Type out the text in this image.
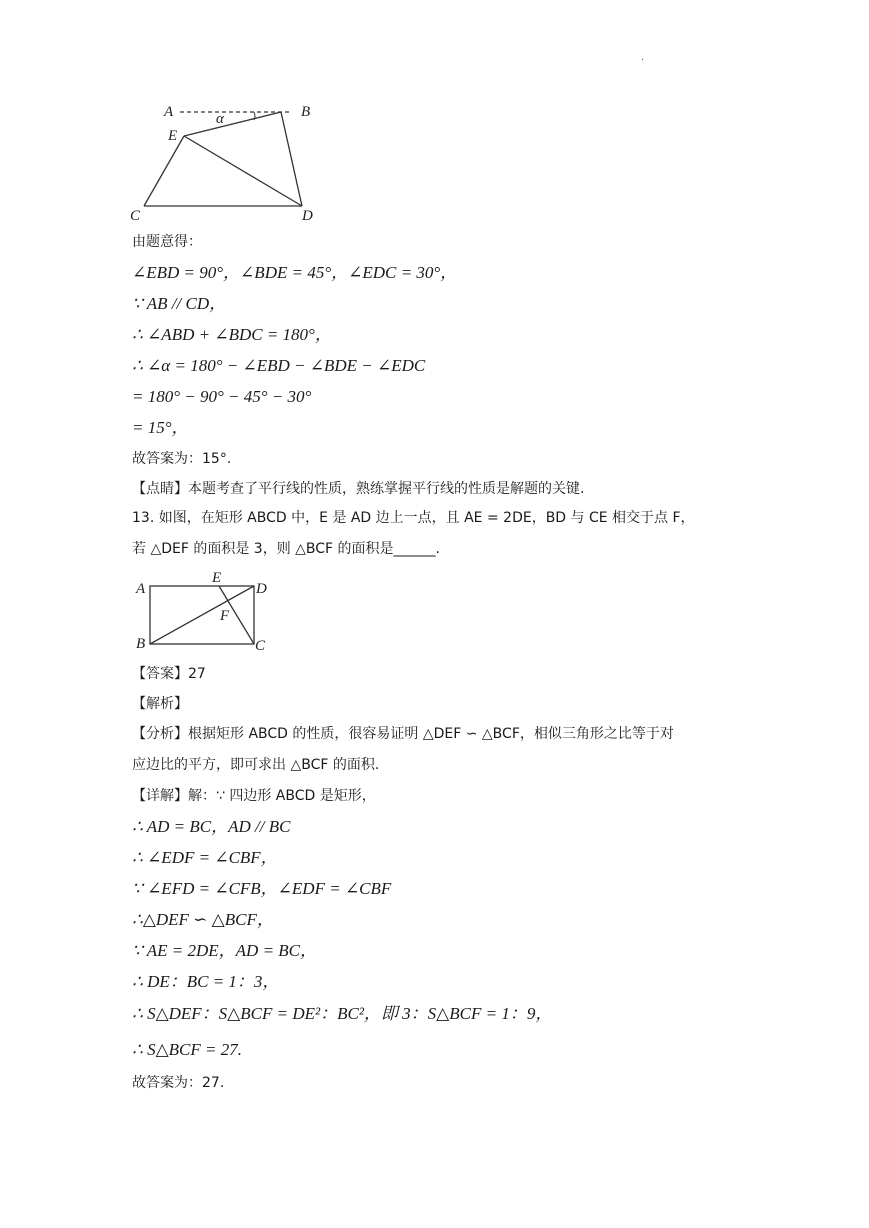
.
A	B
E
α
C	D
由题意得：
∠EBD = 90°，∠BDE = 45°，∠EDC = 30°，
∵ AB // CD，
∴ ∠ABD + ∠BDC = 180°，
∴ ∠α = 180° − ∠EBD − ∠BDE − ∠EDC
= 180° − 90° − 45° − 30°
= 15°，
故答案为：15°.
【点睛】本题考查了平行线的性质，熟练掌握平行线的性质是解题的关键.
13. 如图，在矩形 ABCD 中，E 是 AD 边上一点，且 AE = 2DE，BD 与 CE 相交于点 F，
若 △DEF 的面积是 3，则 △BCF 的面积是______.
A
E
D
F
B	C
【答案】27
【解析】
【分析】根据矩形 ABCD 的性质，很容易证明 △DEF ∽ △BCF，相似三角形之比等于对
应边比的平方，即可求出 △BCF 的面积.
【详解】解：∵ 四边形 ABCD 是矩形，
∴ AD = BC，AD // BC
∴ ∠EDF = ∠CBF，
∵ ∠EFD = ∠CFB，∠EDF = ∠CBF
∴△DEF ∽ △BCF，
∵ AE = 2DE，AD = BC，
∴ DE：BC = 1：3，
∴ S△DEF：S△BCF = DE²：BC²，即 3：S△BCF = 1：9，
∴ S△BCF = 27.
故答案为：27.
